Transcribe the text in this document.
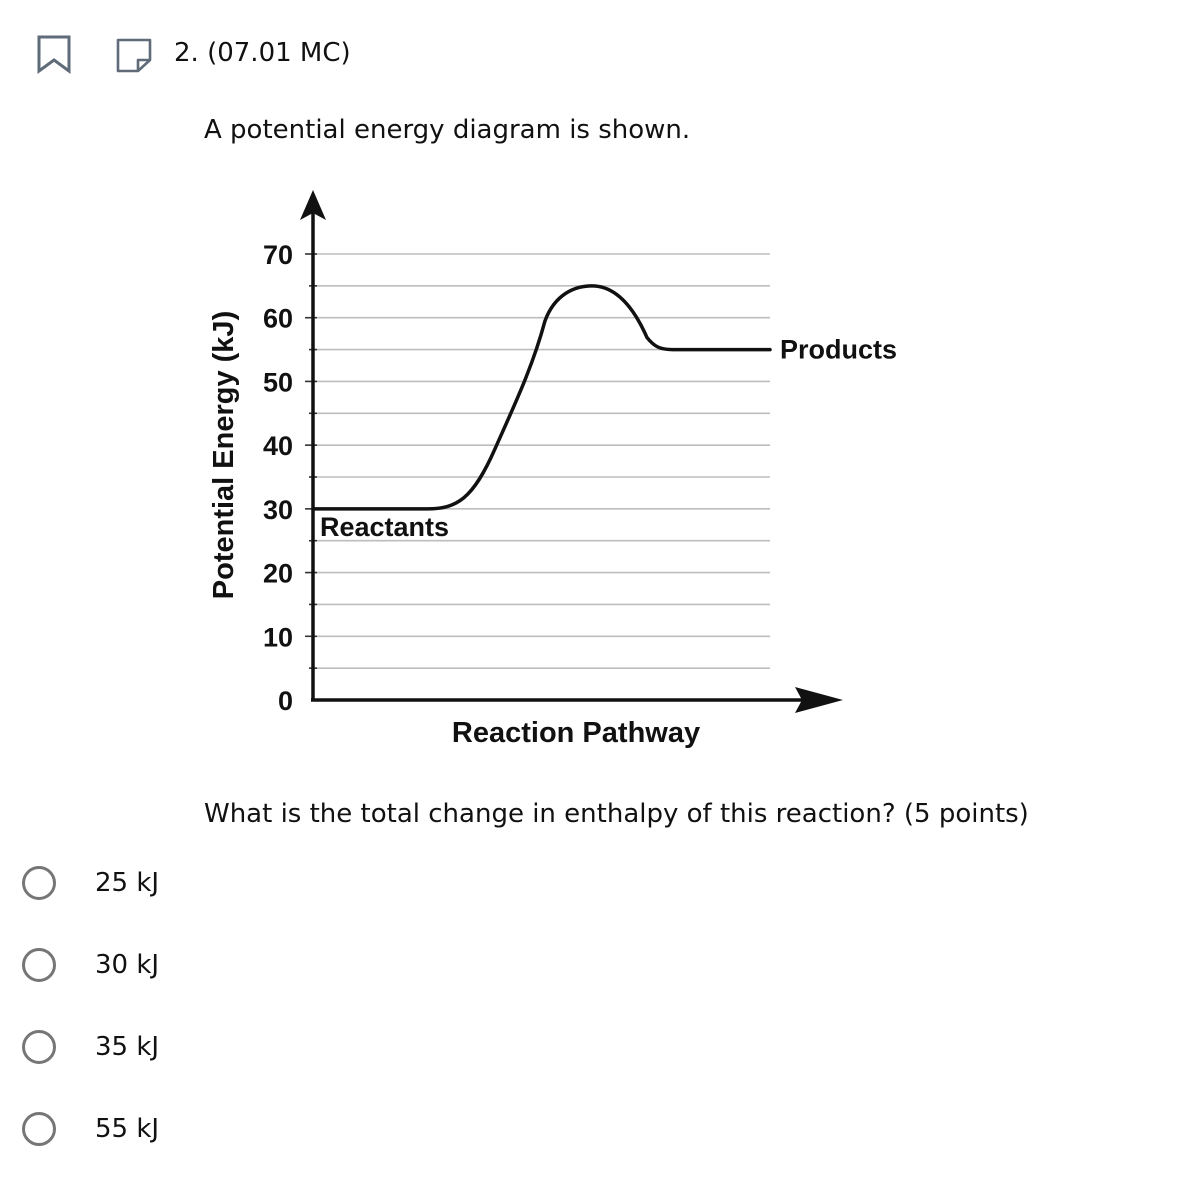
2. (07.01 MC)
A potential energy diagram is shown.
0
10
20
30
40
50
60
70
Reactants
Products
Reaction Pathway
Potential Energy (kJ)
What is the total change in enthalpy of this reaction? (5 points)
25 kJ
30 kJ
35 kJ
55 kJ
